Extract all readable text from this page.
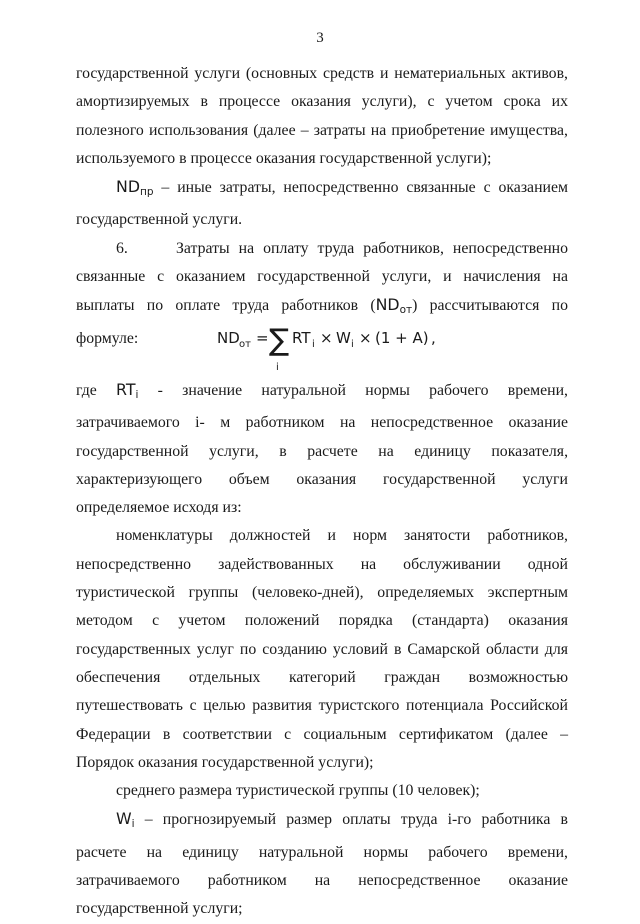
3

государственной услуги (основных средств и нематериальных активов, амортизируемых в процессе оказания услуги), с учетом срока их полезного использования (далее – затраты на приобретение имущества, используемого в процессе оказания государственной услуги);

$ND_{пр}$ – иные затраты, непосредственно связанные с оказанием государственной услуги.

6.	Затраты на оплату труда работников, непосредственно связанные с оказанием государственной услуги, и начисления на выплаты по оплате труда работников $(ND_{от})$ рассчитываются по формуле:	ND от = ∑
i
RT i × W i × (1 + A) ,

где $RT_i$ - значение натуральной нормы рабочего времени, затрачиваемого i- м работником на непосредственное оказание государственной услуги, в расчете на единицу показателя, характеризующего объем оказания государственной услуги определяемое исходя из:

номенклатуры должностей и норм занятости работников, непосредственно задействованных на обслуживании одной туристической группы (человеко-дней), определяемых экспертным методом с учетом положений порядка (стандарта) оказания государственных услуг по созданию условий в Самарской области для обеспечения отдельных категорий граждан возможностью путешествовать с целью развития туристского потенциала Российской Федерации в соответствии с социальным сертификатом (далее – Порядок оказания государственной услуги);

среднего размера туристической группы (10 человек);

$W_i$ – прогнозируемый размер оплаты труда i-го работника в расчете на единицу натуральной нормы рабочего времени, затрачиваемого работником на непосредственное оказание государственной услуги;
